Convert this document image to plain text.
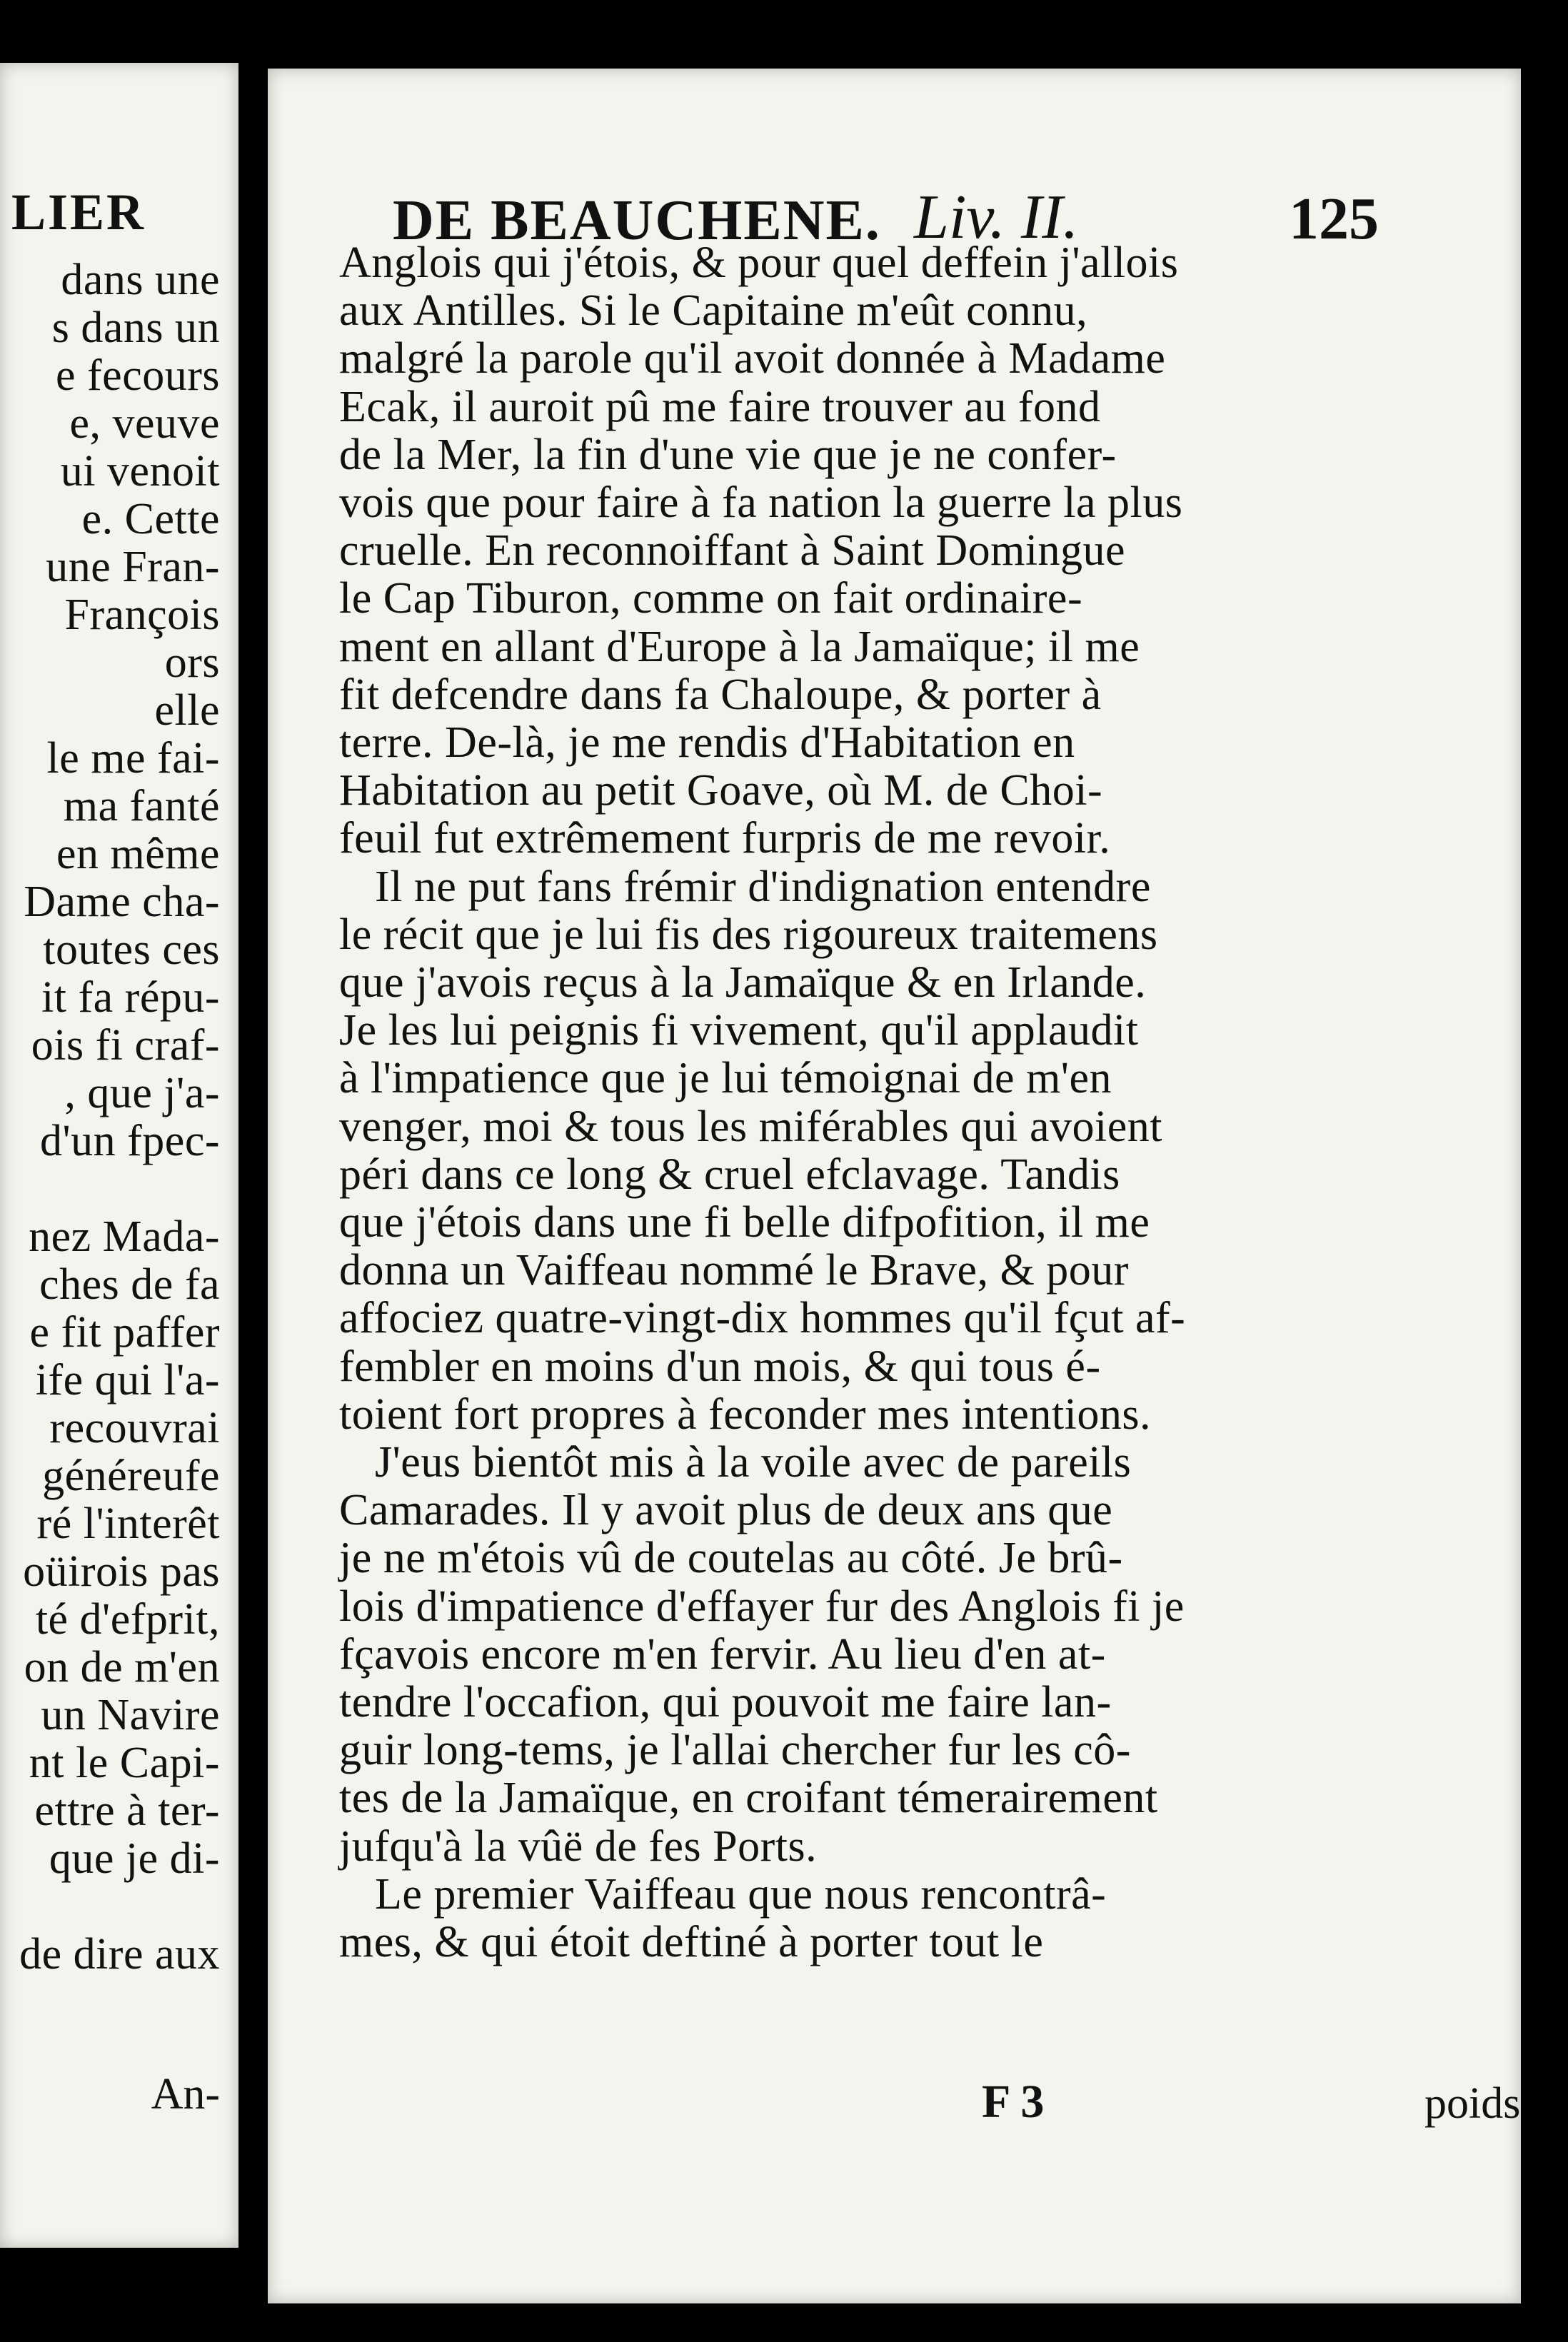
LIER
dans une
s dans un
e fecours
e, veuve
ui venoit
e. Cette
une Fran-
François
ors
elle
le me fai-
ma fanté
en même
Dame cha-
toutes ces
it fa répu-
ois fi craf-
, que j'a-
d'un fpec-
nez Mada-
ches de fa
e fit paffer
ife qui l'a-
recouvrai
généreufe
ré l'interêt
oüirois pas
té d'efprit,
on de m'en
un Navire
nt le Capi-
ettre à ter-
que je di-
de dire aux
An-
DE BEAUCHENE. Liv. II.	125
Anglois qui j'étois, & pour quel deffein j'allois
aux Antilles. Si le Capitaine m'eût connu,
malgré la parole qu'il avoit donnée à Madame
Ecak, il auroit pû me faire trouver au fond
de la Mer, la fin d'une vie que je ne confer-
vois que pour faire à fa nation la guerre la plus
cruelle. En reconnoiffant à Saint Domingue
le Cap Tiburon, comme on fait ordinaire-
ment en allant d'Europe à la Jamaïque; il me
fit defcendre dans fa Chaloupe, & porter à
terre. De-là, je me rendis d'Habitation en
Habitation au petit Goave, où M. de Choi-
feuil fut extrêmement furpris de me revoir.
Il ne put fans frémir d'indignation entendre
le récit que je lui fis des rigoureux traitemens
que j'avois reçus à la Jamaïque & en Irlande.
Je les lui peignis fi vivement, qu'il applaudit
à l'impatience que je lui témoignai de m'en
venger, moi & tous les miférables qui avoient
péri dans ce long & cruel efclavage. Tandis
que j'étois dans une fi belle difpofition, il me
donna un Vaiffeau nommé le Brave, & pour
affociez quatre-vingt-dix hommes qu'il fçut af-
fembler en moins d'un mois, & qui tous é-
toient fort propres à feconder mes intentions.
J'eus bientôt mis à la voile avec de pareils
Camarades. Il y avoit plus de deux ans que
je ne m'étois vû de coutelas au côté. Je brû-
lois d'impatience d'effayer fur des Anglois fi je
fçavois encore m'en fervir. Au lieu d'en at-
tendre l'occafion, qui pouvoit me faire lan-
guir long-tems, je l'allai chercher fur les cô-
tes de la Jamaïque, en croifant témerairement
jufqu'à la vûë de fes Ports.
Le premier Vaiffeau que nous rencontrâ-
mes, & qui étoit deftiné à porter tout le
F 3	poids
